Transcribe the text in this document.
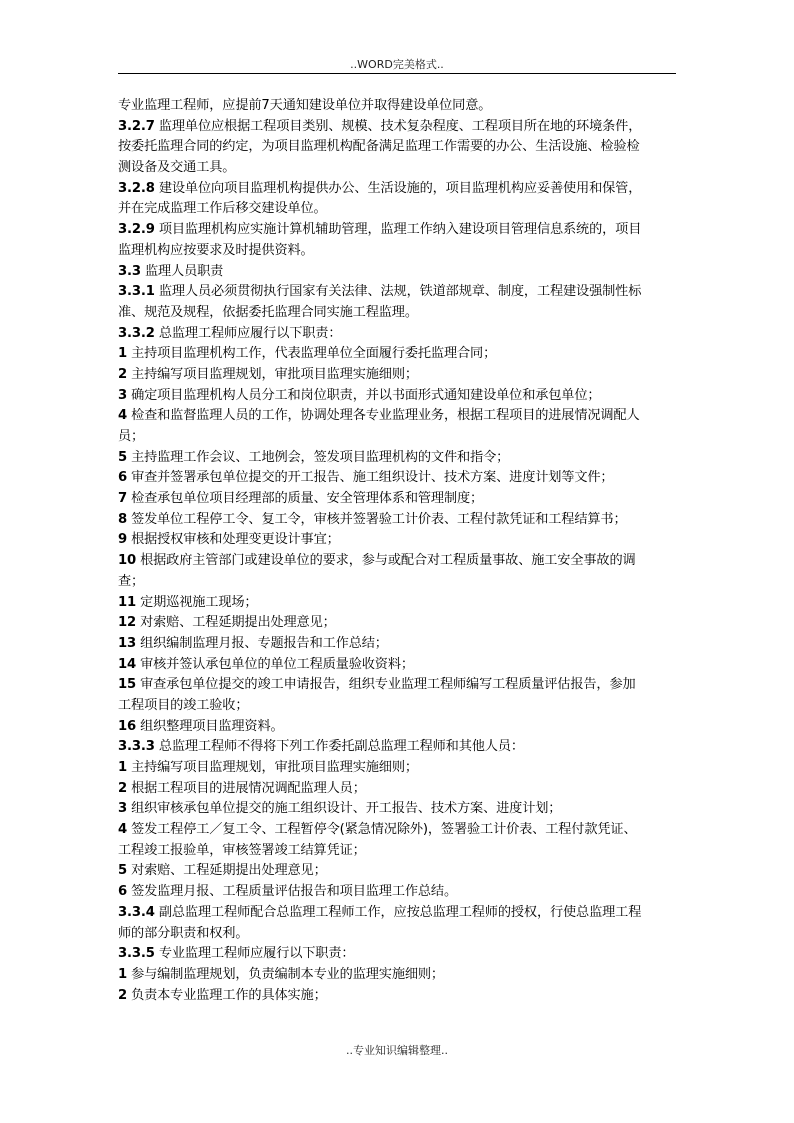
..WORD完美格式..
专业监理工程师，应提前7天通知建设单位并取得建设单位同意。
3.2.7 监理单位应根据工程项目类别、规模、技术复杂程度、工程项目所在地的环境条件，
按委托监理合同的约定，为项目监理机构配备满足监理工作需要的办公、生活设施、检验检
测设备及交通工具。
3.2.8 建设单位向项目监理机构提供办公、生活设施的，项目监理机构应妥善使用和保管，
并在完成监理工作后移交建设单位。
3.2.9 项目监理机构应实施计算机辅助管理，监理工作纳入建设项目管理信息系统的，项目
监理机构应按要求及时提供资料。
3.3 监理人员职责
3.3.1 监理人员必须贯彻执行国家有关法律、法规，铁道部规章、制度，工程建设强制性标
准、规范及规程，依据委托监理合同实施工程监理。
3.3.2 总监理工程师应履行以下职责：
1 主持项目监理机构工作，代表监理单位全面履行委托监理合同；
2 主持编写项目监理规划，审批项目监理实施细则；
3 确定项目监理机构人员分工和岗位职责，并以书面形式通知建设单位和承包单位；
4 检查和监督监理人员的工作，协调处理各专业监理业务，根据工程项目的进展情况调配人
员；
5 主持监理工作会议、工地例会，签发项目监理机构的文件和指令；
6 审查并签署承包单位提交的开工报告、施工组织设计、技术方案、进度计划等文件；
7 检查承包单位项目经理部的质量、安全管理体系和管理制度；
8 签发单位工程停工令、复工令，审核并签署验工计价表、工程付款凭证和工程结算书；
9 根据授权审核和处理变更设计事宜；
10 根据政府主管部门或建设单位的要求，参与或配合对工程质量事故、施工安全事故的调
查；
11 定期巡视施工现场；
12 对索赔、工程延期提出处理意见；
13 组织编制监理月报、专题报告和工作总结；
14 审核并签认承包单位的单位工程质量验收资料；
15 审查承包单位提交的竣工申请报告，组织专业监理工程师编写工程质量评估报告，参加
工程项目的竣工验收；
16 组织整理项目监理资料。
3.3.3 总监理工程师不得将下列工作委托副总监理工程师和其他人员：
1 主持编写项目监理规划，审批项目监理实施细则；
2 根据工程项目的进展情况调配监理人员；
3 组织审核承包单位提交的施工组织设计、开工报告、技术方案、进度计划；
4 签发工程停工／复工令、工程暂停令(紧急情况除外)，签署验工计价表、工程付款凭证、
工程竣工报验单，审核签署竣工结算凭证；
5 对索赔、工程延期提出处理意见；
6 签发监理月报、工程质量评估报告和项目监理工作总结。
3.3.4 副总监理工程师配合总监理工程师工作，应按总监理工程师的授权，行使总监理工程
师的部分职责和权利。
3.3.5 专业监理工程师应履行以下职责：
1 参与编制监理规划，负责编制本专业的监理实施细则；
2 负责本专业监理工作的具体实施；
..专业知识编辑整理..
